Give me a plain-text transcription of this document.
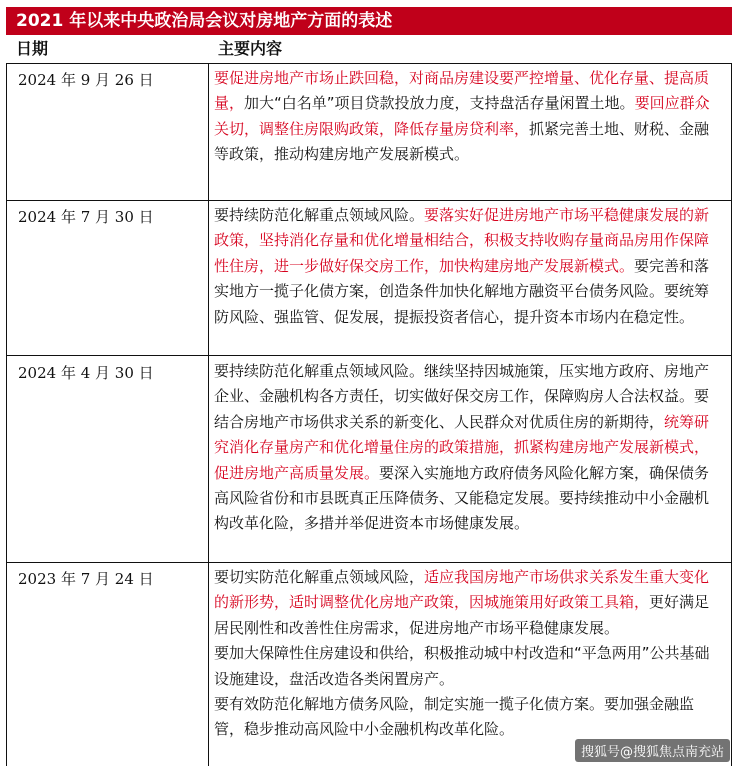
2021 年以来中央政治局会议对房地产方面的表述
日期	主要内容
2024 年 9 月 26 日	要促进房地产市场止跌回稳，对商品房建设要严控增量、优化存量、提高质量，加大“白名单”项目贷款投放力度，支持盘活存量闲置土地。要回应群众关切，调整住房限购政策，降低存量房贷利率，抓紧完善土地、财税、金融等政策，推动构建房地产发展新模式。
2024 年 7 月 30 日	要持续防范化解重点领域风险。要落实好促进房地产市场平稳健康发展的新政策，坚持消化存量和优化增量相结合，积极支持收购存量商品房用作保障性住房，进一步做好保交房工作，加快构建房地产发展新模式。要完善和落实地方一揽子化债方案，创造条件加快化解地方融资平台债务风险。要统筹防风险、强监管、促发展，提振投资者信心，提升资本市场内在稳定性。
2024 年 4 月 30 日	要持续防范化解重点领域风险。继续坚持因城施策，压实地方政府、房地产企业、金融机构各方责任，切实做好保交房工作，保障购房人合法权益。要结合房地产市场供求关系的新变化、人民群众对优质住房的新期待，统筹研究消化存量房产和优化增量住房的政策措施，抓紧构建房地产发展新模式，促进房地产高质量发展。要深入实施地方政府债务风险化解方案，确保债务高风险省份和市县既真正压降债务、又能稳定发展。要持续推动中小金融机构改革化险，多措并举促进资本市场健康发展。
2023 年 7 月 24 日	要切实防范化解重点领域风险，适应我国房地产市场供求关系发生重大变化的新形势，适时调整优化房地产政策，因城施策用好政策工具箱，更好满足居民刚性和改善性住房需求，促进房地产市场平稳健康发展。
要加大保障性住房建设和供给，积极推动城中村改造和“平急两用”公共基础设施建设，盘活改造各类闲置房产。
要有效防范化解地方债务风险，制定实施一揽子化债方案。要加强金融监管，稳步推动高风险中小金融机构改革化险。
搜狐号@搜狐焦点南充站
